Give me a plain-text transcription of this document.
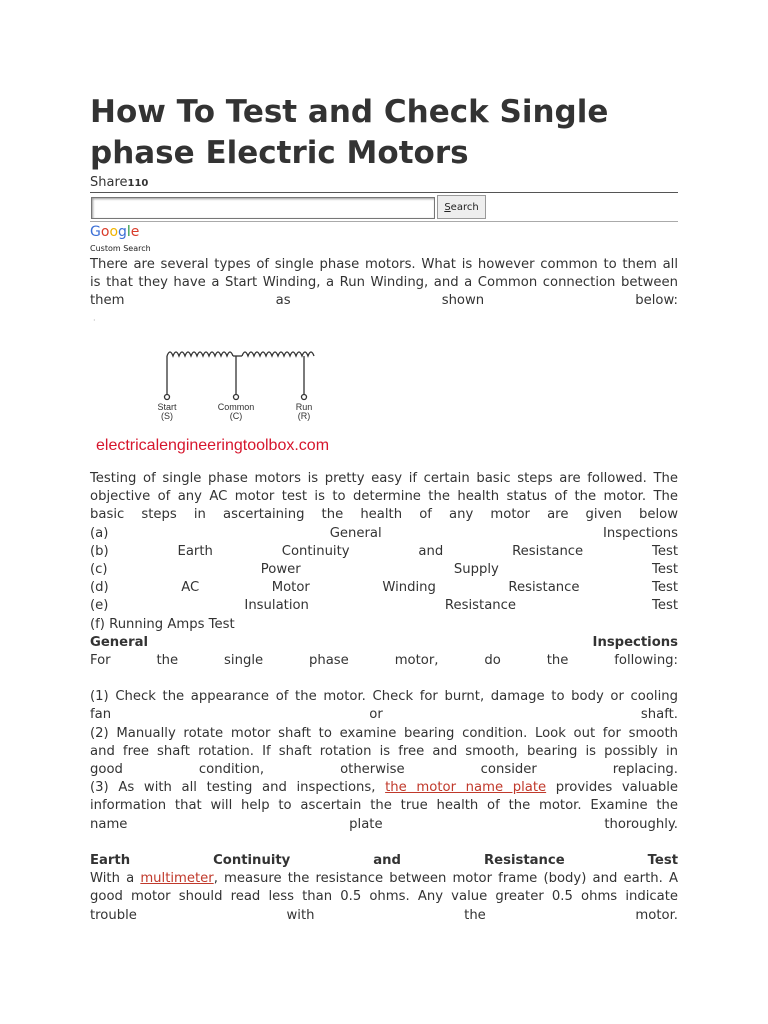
How To Test and Check Single phase Electric Motors
Share110
Search
Google
Custom Search
There are several types of single phase motors. What is however common to them all
is that they have a Start Winding, a Run Winding, and a Common connection between
them as shown below:
·
Start
(S)
Common
(C)
Run
(R)
electricalengineeringtoolbox.com
Testing of single phase motors is pretty easy if certain basic steps are followed. The
objective of any AC motor test is to determine the health status of the motor. The
basic steps in ascertaining the health of any motor are given below
(a) General Inspections
(b) Earth Continuity and Resistance Test
(c) Power Supply Test
(d) AC Motor Winding Resistance Test
(e) Insulation Resistance Test
(f) Running Amps Test
General	Inspections
For the single phase motor, do the following:

(1) Check the appearance of the motor. Check for burnt, damage to body or cooling
fan or shaft.
(2) Manually rotate motor shaft to examine bearing condition. Look out for smooth
and free shaft rotation. If shaft rotation is free and smooth, bearing is possibly in
good condition, otherwise consider replacing.
(3) As with all testing and inspections, the motor name plate provides valuable
information that will help to ascertain the true health of the motor. Examine the
name plate thoroughly.

Earth	Continuity	and	Resistance	Test
With a multimeter, measure the resistance between motor frame (body) and earth. A
good motor should read less than 0.5 ohms. Any value greater 0.5 ohms indicate
trouble with the motor.
